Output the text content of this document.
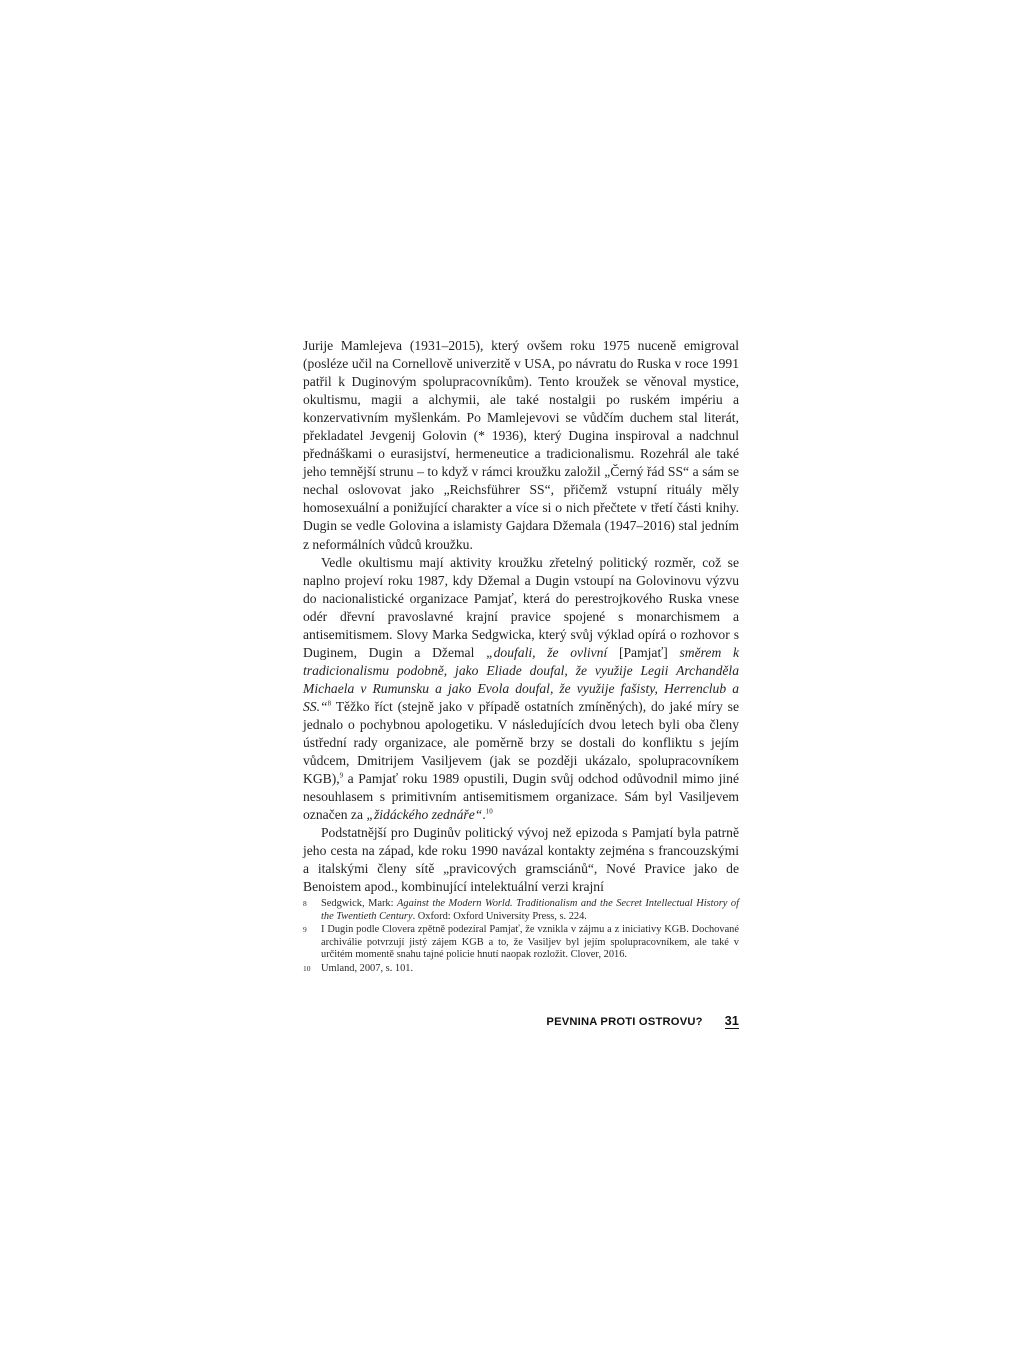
Jurije Mamlejeva (1931–2015), který ovšem roku 1975 nuceně emigroval (posléze učil na Cornellově univerzitě v USA, po návratu do Ruska v roce 1991 patřil k Duginovým spolupracovníkům). Tento kroužek se věnoval mystice, okultismu, magii a alchymii, ale také nostalgii po ruském impériu a konzervativním myšlenkám. Po Mamlejevovi se vůdčím duchem stal literát, překladatel Jevgenij Golovin (* 1936), který Dugina inspiroval a nadchnul přednáškami o eurasijství, hermeneutice a tradicionalismu. Rozehrál ale také jeho temnější strunu – to když v rámci kroužku založil „Černý řád SS“ a sám se nechal oslovovat jako „Reichsführer SS“, přičemž vstupní rituály měly homosexuální a ponižující charakter a více si o nich přečtete v třetí části knihy. Dugin se vedle Golovina a islamisty Gajdara Džemala (1947–2016) stal jedním z neformálních vůdců kroužku.

Vedle okultismu mají aktivity kroužku zřetelný politický rozměr, což se naplno projeví roku 1987, kdy Džemal a Dugin vstoupí na Golovinovu výzvu do nacionalistické organizace Pamjať, která do perestrojkového Ruska vnese odér dřevní pravoslavné krajní pravice spojené s monarchismem a antisemitismem. Slovy Marka Sedgwicka, který svůj výklad opírá o rozhovor s Duginem, Dugin a Džemal „doufali, že ovlivní [Pamjať] směrem k tradicionalismu podobně, jako Eliade doufal, že využije Legii Archanděla Michaela v Rumunsku a jako Evola doufal, že využije fašisty, Herrenclub a SS.“$^8$ Těžko říct (stejně jako v případě ostatních zmíněných), do jaké míry se jednalo o pochybnou apologetiku. V následujících dvou letech byli oba členy ústřední rady organizace, ale poměrně brzy se dostali do konfliktu s jejím vůdcem, Dmitrijem Vasiljevem (jak se později ukázalo, spolupracovníkem KGB),$^9$ a Pamjať roku 1989 opustili, Dugin svůj odchod odůvodnil mimo jiné nesouhlasem s primitivním antisemitismem organizace. Sám byl Vasiljevem označen za „židáckého zednáře“.$^{10}$

Podstatnější pro Duginův politický vývoj než epizoda s Pamjatí byla patrně jeho cesta na západ, kde roku 1990 navázal kontakty zejména s francouzskými a italskými členy sítě „pravicových gramsciánů“, Nové Pravice jako de Benoistem apod., kombinující intelektuální verzi krajní

8	Sedgwick, Mark: Against the Modern World. Traditionalism and the Secret Intellectual History of the Twentieth Century. Oxford: Oxford University Press, s. 224.
9	I Dugin podle Clovera zpětně podezíral Pamjať, že vznikla v zájmu a z iniciativy KGB. Dochované archiválie potvrzují jistý zájem KGB a to, že Vasiljev byl jejím spolupracovníkem, ale také v určitém momentě snahu tajné policie hnutí naopak rozložit. Clover, 2016.
10	Umland, 2007, s. 101.
PEVNINA PROTI OSTROVU? 31
